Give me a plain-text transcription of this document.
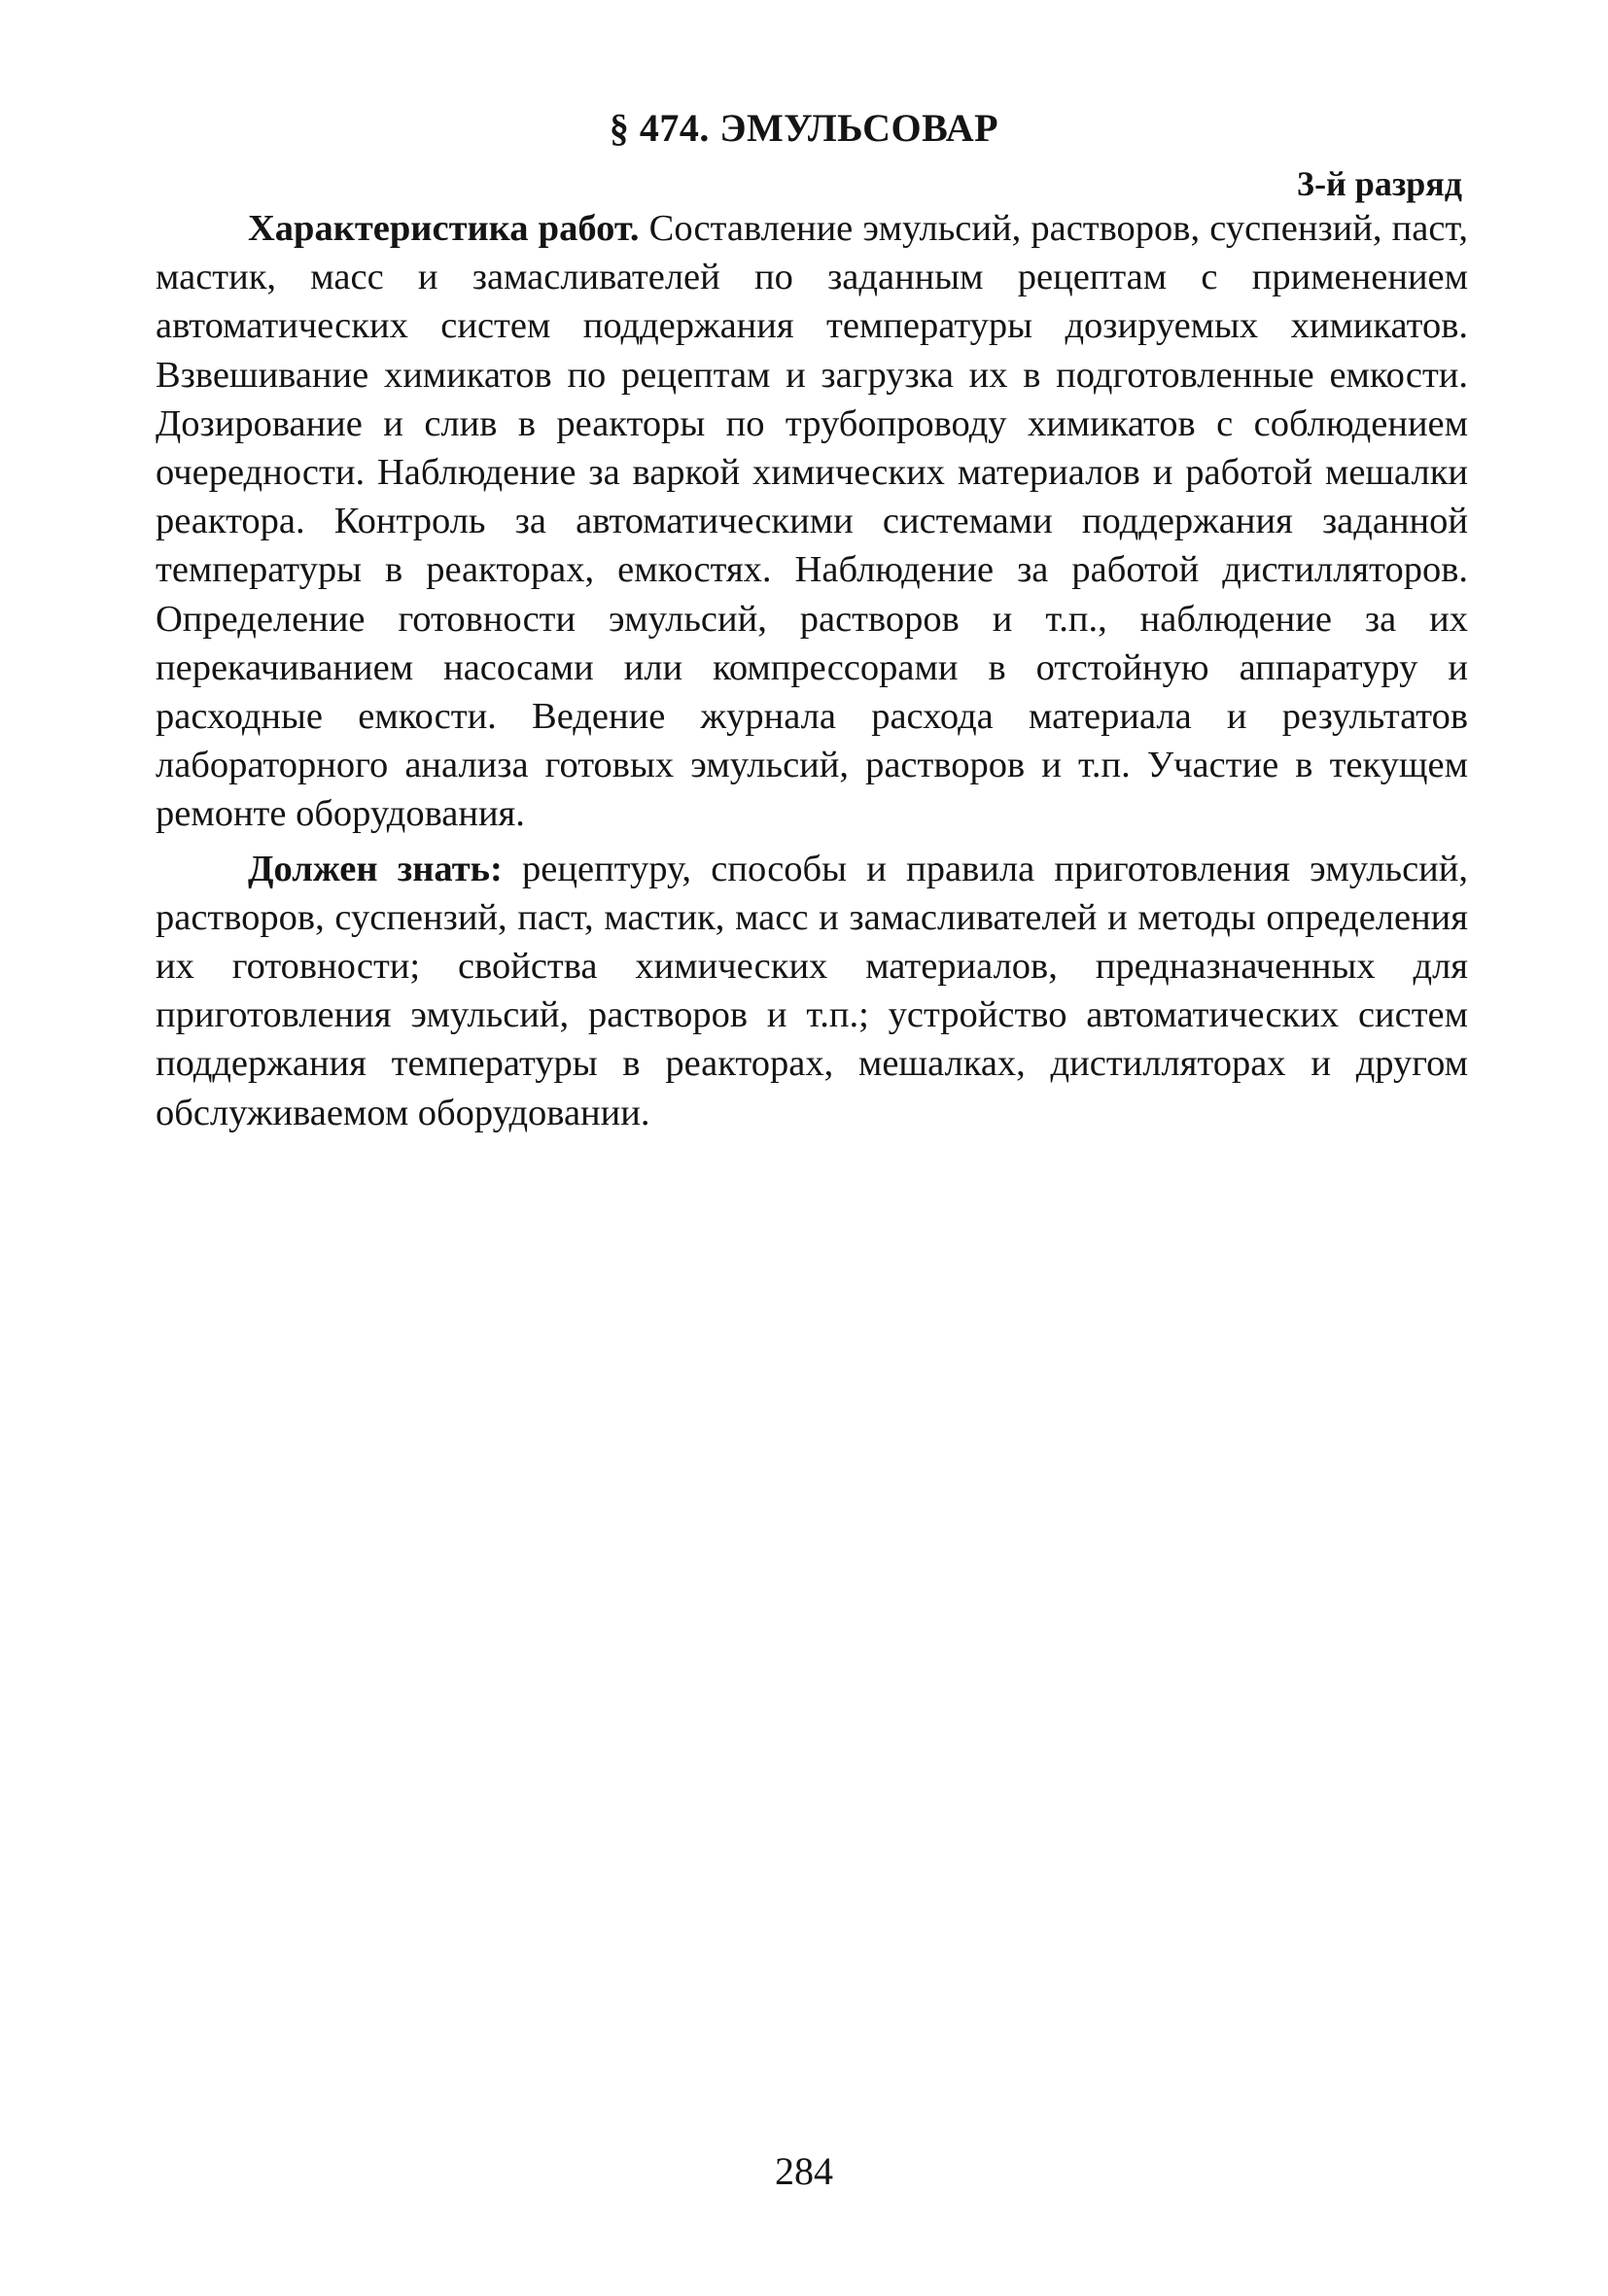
§ 474. ЭМУЛЬСОВАР
3-й разряд

Характеристика работ. Составление эмульсий, растворов, суспензий, паст, мастик, масс и замасливателей по заданным рецептам с применением автоматических систем поддержания температуры дозируемых химикатов. Взвешивание химикатов по рецептам и загрузка их в подготовленные емкости. Дозирование и слив в реакторы по трубопроводу химикатов с соблюдением очередности. Наблюдение за варкой химических материалов и работой мешалки реактора. Контроль за автоматическими системами поддержания заданной температуры в реакторах, емкостях. Наблюдение за работой дистилляторов. Определение готовности эмульсий, растворов и т.п., наблюдение за их перекачиванием насосами или компрессорами в отстойную аппаратуру и расходные емкости. Ведение журнала расхода материала и результатов лабораторного анализа готовых эмульсий, растворов и т.п. Участие в текущем ремонте оборудования.

Должен знать: рецептуру, способы и правила приготовления эмульсий, растворов, суспензий, паст, мастик, масс и замасливателей и методы определения их готовности; свойства химических материалов, предназначенных для приготовления эмульсий, растворов и т.п.; устройство автоматических систем поддержания температуры в реакторах, мешалках, дистилляторах и другом обслуживаемом оборудовании.

284
